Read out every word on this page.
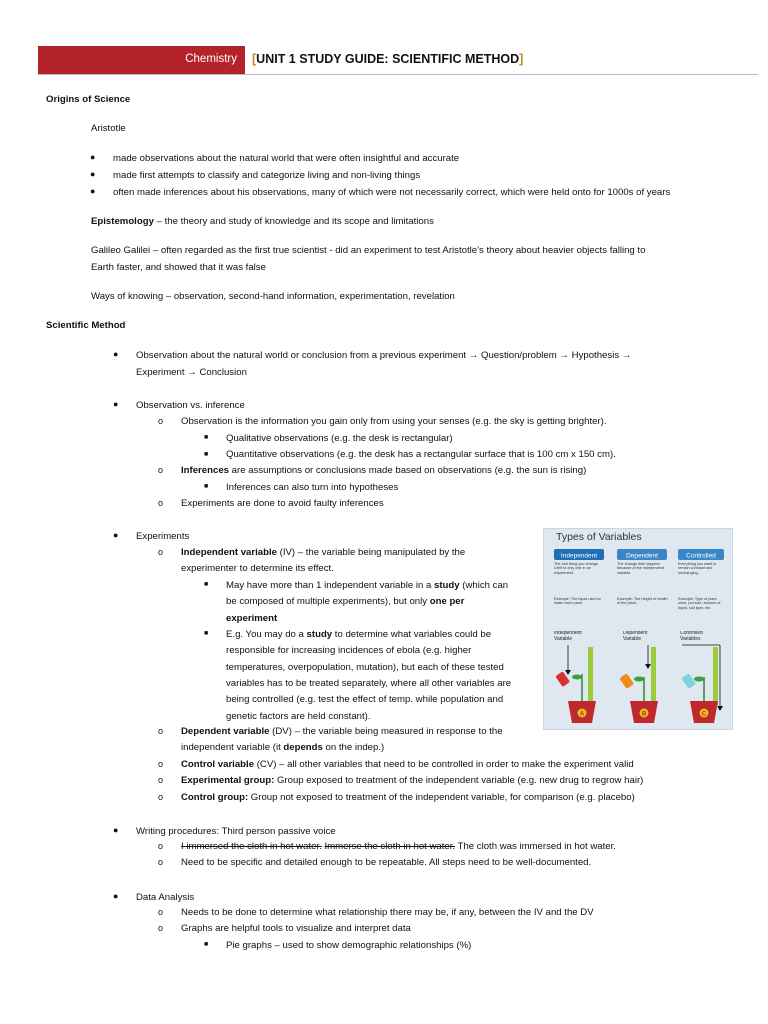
Chemistry [UNIT 1 STUDY GUIDE: SCIENTIFIC METHOD]
Origins of Science
Aristotle
● made observations about the natural world that were often insightful and accurate
● made first attempts to classify and categorize living and non-living things
● often made inferences about his observations, many of which were not necessarily correct, which were held onto for 1000s of years
Epistemology – the theory and study of knowledge and its scope and limitations
Galileo Galilei – often regarded as the first true scientist - did an experiment to test Aristotle’s theory about heavier objects falling to
Earth faster, and showed that it was false
Ways of knowing – observation, second-hand information, experimentation, revelation
Scientific Method
● Observation about the natural world or conclusion from a previous experiment → Question/problem → Hypothesis →
Experiment → Conclusion
● Observation vs. inference
o Observation is the information you gain only from using your senses (e.g. the sky is getting brighter).
■ Qualitative observations (e.g. the desk is rectangular)
■ Quantitative observations (e.g. the desk has a rectangular surface that is 100 cm x 150 cm).
o Inferences are assumptions or conclusions made based on observations (e.g. the sun is rising)
■ Inferences can also turn into hypotheses
o Experiments are done to avoid faulty inferences
● Experiments
o Independent variable (IV) – the variable being manipulated by the
experimenter to determine its effect.
■ May have more than 1 independent variable in a study (which can
be composed of multiple experiments), but only one per
experiment
■ E.g. You may do a study to determine what variables could be
responsible for increasing incidences of ebola (e.g. higher
temperatures, overpopulation, mutation), but each of these tested
variables has to be treated separately, where all other variables are
being controlled (e.g. test the effect of temp. while population and
genetic factors are held constant).
o Dependent variable (DV) – the variable being measured in response to the
independent variable (it depends on the indep.)
o Control variable (CV) – all other variables that need to be controlled in order to make the experiment valid
o Experimental group: Group exposed to treatment of the independent variable (e.g. new drug to regrow hair)
o Control group: Group not exposed to treatment of the independent variable, for comparison (e.g. placebo)
● Writing procedures: Third person passive voice
o I immersed the cloth in hot water. Immerse the cloth in hot water. The cloth was immersed in hot water.
o Need to be specific and detailed enough to be repeatable. All steps need to be well-documented.
● Data Analysis
o Needs to be done to determine what relationship there may be, if any, between the IV and the DV
o Graphs are helpful tools to visualize and interpret data
■ Pie graphs – used to show demographic relationships (%)
Types of Variables
Independent	Dependent	Controlled
The one thing you change. Limit to only one in an experiment.
The change that happens because of the independent variable.
Everything you want to remain constant and unchanging.
Example: The liquid used to water each plant.
Example: The height or health of the plant.
Example: Type of plant used, pot size, amount of liquid, soil type, etc.
Independent Variable
Dependent Variable
Controlled Variables
A	B	C
